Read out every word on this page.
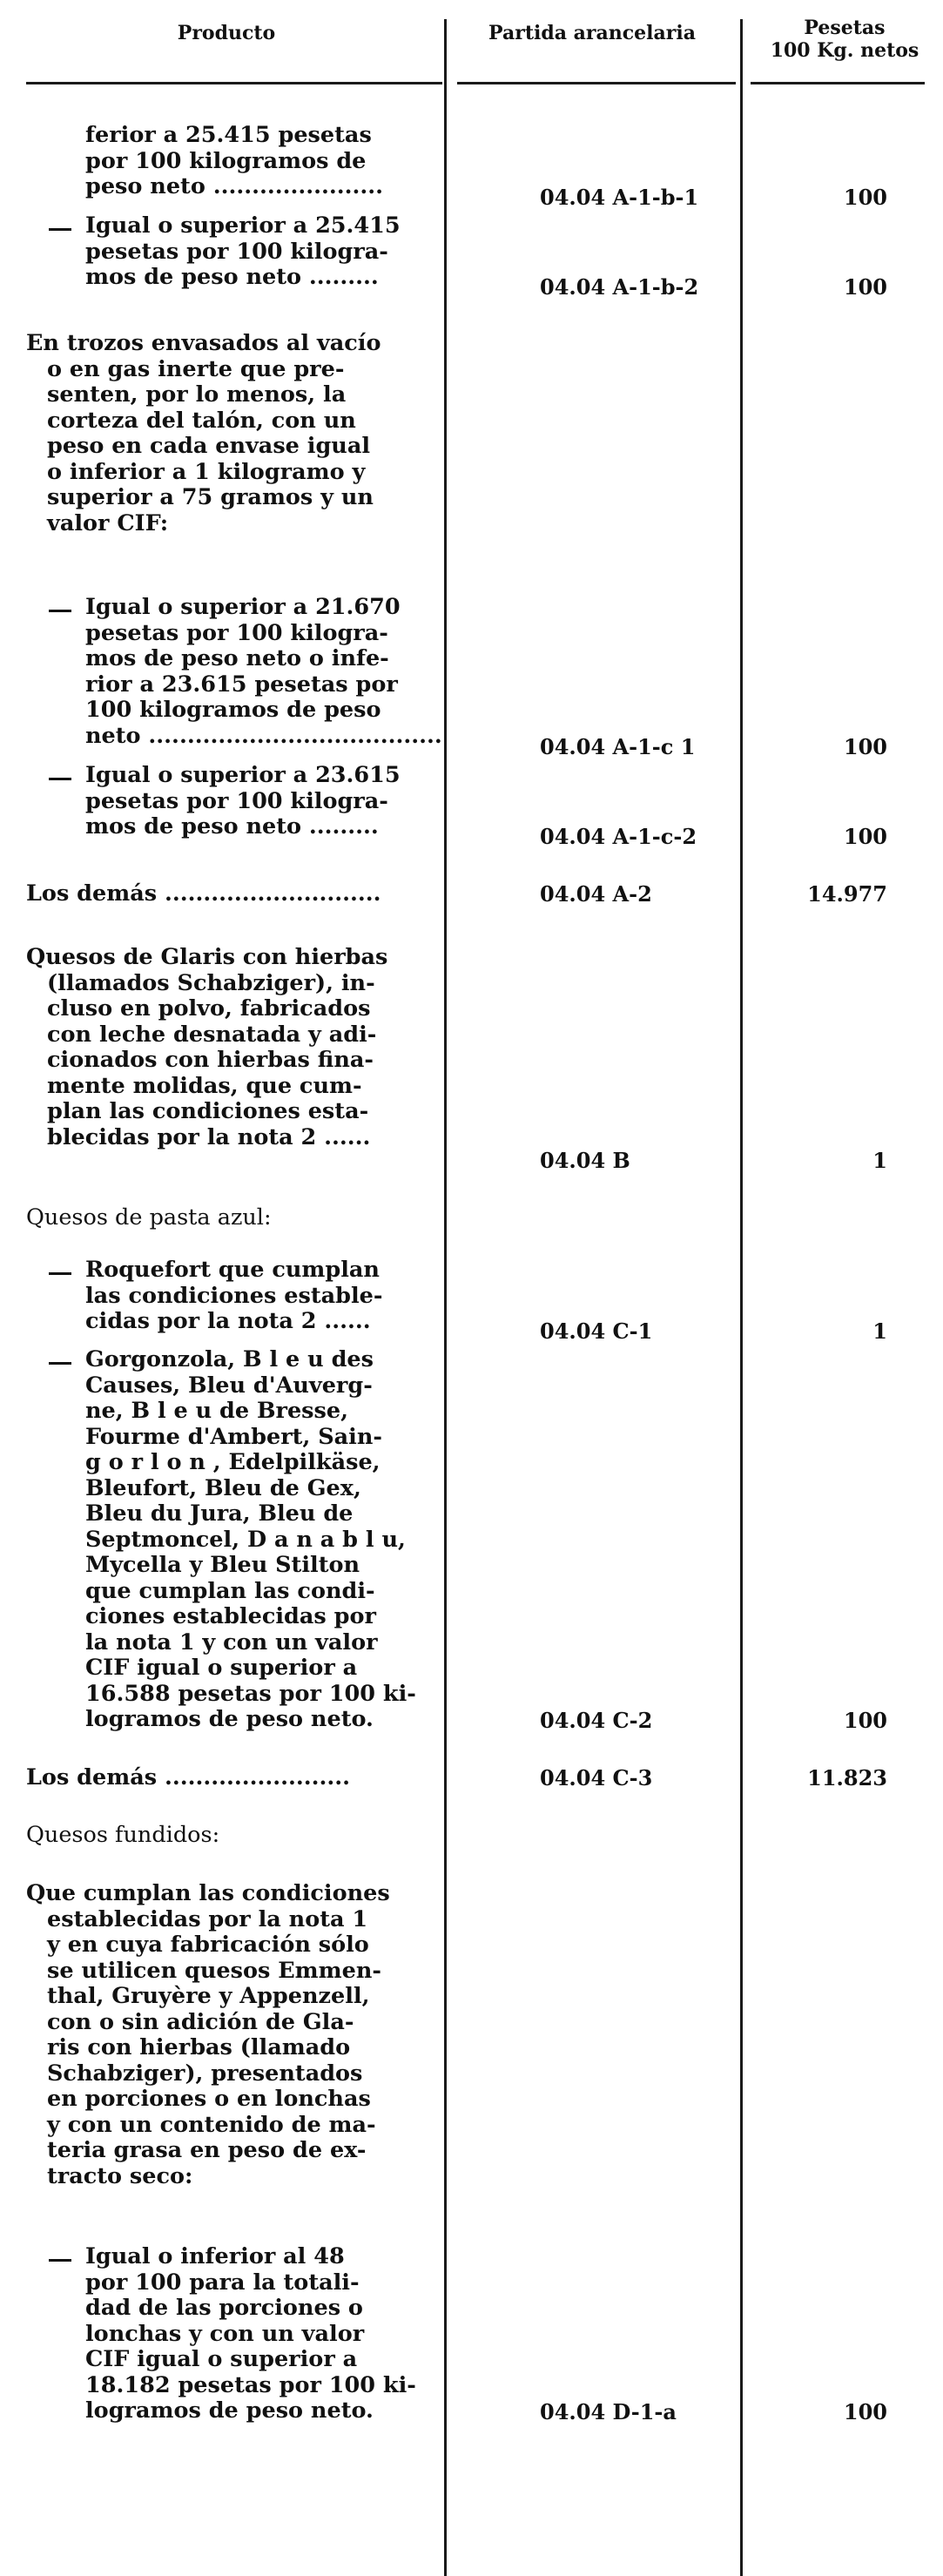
Producto	Partida arancelaria	Pesetas
100 Kg. netos
ferior a 25.415 pesetas
por 100 kilogramos de
peso neto ......................	04.04 A-1-b-1	100
Igual o superior a 25.415
pesetas por 100 kilogra-
mos de peso neto .........	04.04 A-1-b-2	100
En trozos envasados al vacío
o en gas inerte que pre-
senten, por lo menos, la
corteza del talón, con un
peso en cada envase igual
o inferior a 1 kilogramo y
superior a 75 gramos y un
valor CIF:
Igual o superior a 21.670
pesetas por 100 kilogra-
mos de peso neto o infe-
rior a 23.615 pesetas por
100 kilogramos de peso
neto ......................................	04.04 A-1-c 1	100
Igual o superior a 23.615
pesetas por 100 kilogra-
mos de peso neto .........	04.04 A-1-c-2	100
Los demás ............................	04.04 A-2	14.977
Quesos de Glaris con hierbas
(llamados Schabziger), in-
cluso en polvo, fabricados
con leche desnatada y adi-
cionados con hierbas fina-
mente molidas, que cum-
plan las condiciones esta-
blecidas por la nota 2 ......
04.04 B	1
Quesos de pasta azul:
Roquefort que cumplan
las condiciones estable-
cidas por la nota 2 ......	04.04 C-1	1
Gorgonzola, B l e u des
Causes, Bleu d'Auverg-
ne, B l e u de Bresse,
Fourme d'Ambert, Sain-
g o r l o n , Edelpilkäse,
Bleufort, Bleu de Gex,
Bleu du Jura, Bleu de
Septmoncel, D a n a b l u,
Mycella y Bleu Stilton
que cumplan las condi-
ciones establecidas por
la nota 1 y con un valor
CIF igual o superior a
16.588 pesetas por 100 ki-
logramos de peso neto.	04.04 C-2	100
Los demás ........................	04.04 C-3	11.823
Quesos fundidos:
Que cumplan las condiciones
establecidas por la nota 1
y en cuya fabricación sólo
se utilicen quesos Emmen-
thal, Gruyère y Appenzell,
con o sin adición de Gla-
ris con hierbas (llamado
Schabziger), presentados
en porciones o en lonchas
y con un contenido de ma-
teria grasa en peso de ex-
tracto seco:
Igual o inferior al 48
por 100 para la totali-
dad de las porciones o
lonchas y con un valor
CIF igual o superior a
18.182 pesetas por 100 ki-
logramos de peso neto.	04.04 D-1-a	100
